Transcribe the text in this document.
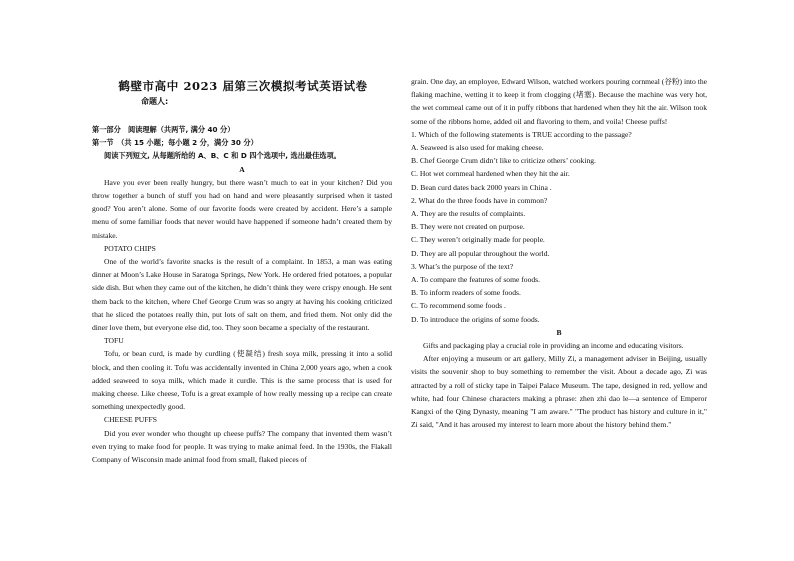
鹤壁市高中 2023 届第三次模拟考试英语试卷
命题人:

第一部分　阅读理解（共两节, 满分 40 分）

第一节　（共 15 小题；每小题 2 分，满分 30 分）

阅读下列短文, 从每题所给的 A、B、C 和 D 四个选项中, 选出最佳选项。

A

Have you ever been really hungry, but there wasn’t much to eat in your kitchen? Did you throw together a bunch of stuff you had on hand and were pleasantly surprised when it tasted good? You aren’t alone. Some of our favorite foods were created by accident. Here’s a sample menu of some familiar foods that never would have happened if someone hadn’t created them by mistake.

POTATO CHIPS

One of the world’s favorite snacks is the result of a complaint. In 1853, a man was eating dinner at Moon’s Lake House in Saratoga Springs, New York. He ordered fried potatoes, a popular side dish. But when they came out of the kitchen, he didn’t think they were crispy enough. He sent them back to the kitchen, where Chef George Crum was so angry at having his cooking criticized that he sliced the potatoes really thin, put lots of salt on them, and fried them. Not only did the diner love them, but everyone else did, too. They soon became a specialty of the restaurant.

TOFU

Tofu, or bean curd, is made by curdling (使凝结) fresh soya milk, pressing it into a solid block, and then cooling it. Tofu was accidentally invented in China 2,000 years ago, when a cook added seaweed to soya milk, which made it curdle. This is the same process that is used for making cheese. Like cheese, Tofu is a great example of how really messing up a recipe can create something unexpectedly good.

CHEESE PUFFS

Did you ever wonder who thought up cheese puffs? The company that invented them wasn’t even trying to make food for people. It was trying to make animal feed. In the 1930s, the Flakall Company of Wisconsin made animal food from small, flaked pieces of

grain. One day, an employee, Edward Wilson, watched workers pouring cornmeal (谷粉) into the flaking machine, wetting it to keep it from clogging (堵塞). Because the machine was very hot, the wet cornmeal came out of it in puffy ribbons that hardened when they hit the air. Wilson took some of the ribbons home, added oil and flavoring to them, and voila! Cheese puffs!

1. Which of the following statements is TRUE according to the passage?

A. Seaweed is also used for making cheese.

B. Chef George Crum didn’t like to criticize others’ cooking.

C. Hot wet cornmeal hardened when they hit the air.

D. Bean curd dates back 2000 years in China .

2. What do the three foods have in common?

A. They are the results of complaints.

B. They were not created on purpose.

C. They weren’t originally made for people.

D. They are all popular throughout the world.

3. What’s the purpose of the text?

A. To compare the features of some foods.

B. To inform readers of some foods.

C. To recommend some foods .

D. To introduce the origins of some foods.

B

Gifts and packaging play a crucial role in providing an income and educating visitors.

After enjoying a museum or art gallery, Milly Zi, a management adviser in Beijing, usually visits the souvenir shop to buy something to remember the visit. About a decade ago, Zi was attracted by a roll of sticky tape in Taipei Palace Museum. The tape, designed in red, yellow and white, had four Chinese characters making a phrase: zhen zhi dao le—a sentence of Emperor Kangxi of the Qing Dynasty, meaning "I am aware." "The product has history and culture in it," Zi said, "And it has aroused my interest to learn more about the history behind them."
